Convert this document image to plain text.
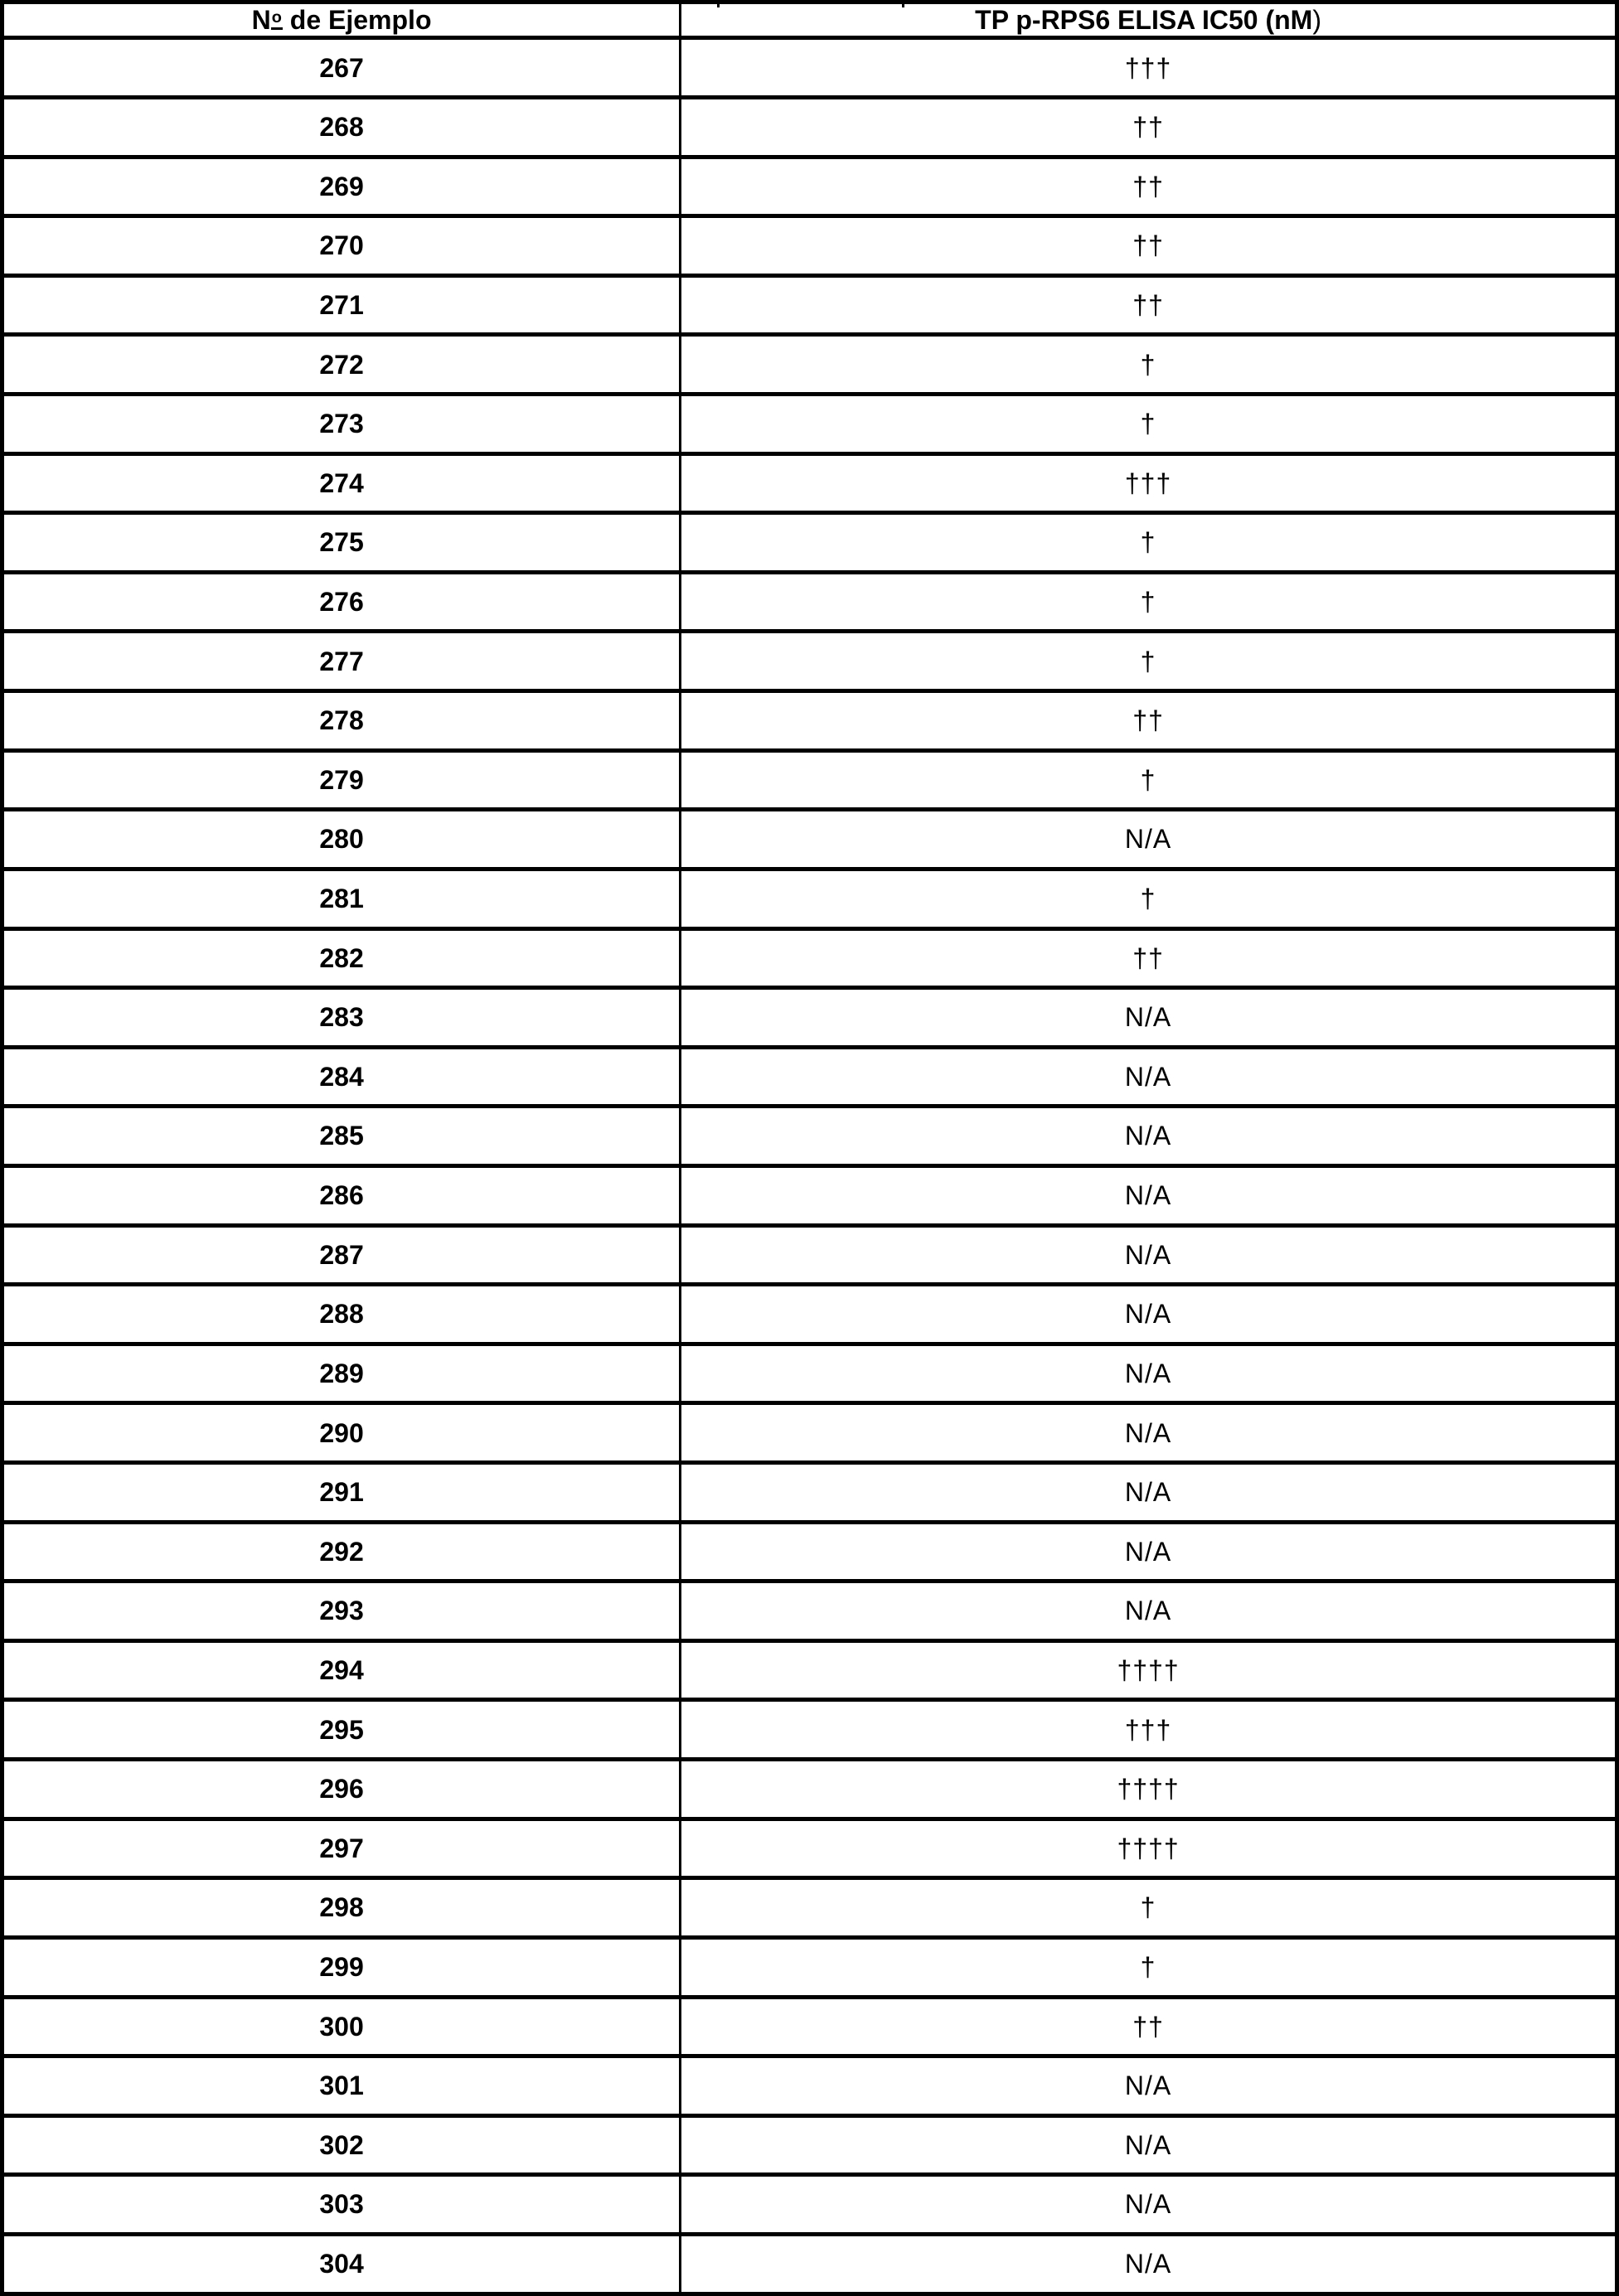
No de Ejemplo	TP p-RPS6 ELISA IC50 (nM)
267	†††
268	††
269	††
270	††
271	††
272	†
273	†
274	†††
275	†
276	†
277	†
278	††
279	†
280	N/A
281	†
282	††
283	N/A
284	N/A
285	N/A
286	N/A
287	N/A
288	N/A
289	N/A
290	N/A
291	N/A
292	N/A
293	N/A
294	††††
295	†††
296	††††
297	††††
298	†
299	†
300	††
301	N/A
302	N/A
303	N/A
304	N/A
